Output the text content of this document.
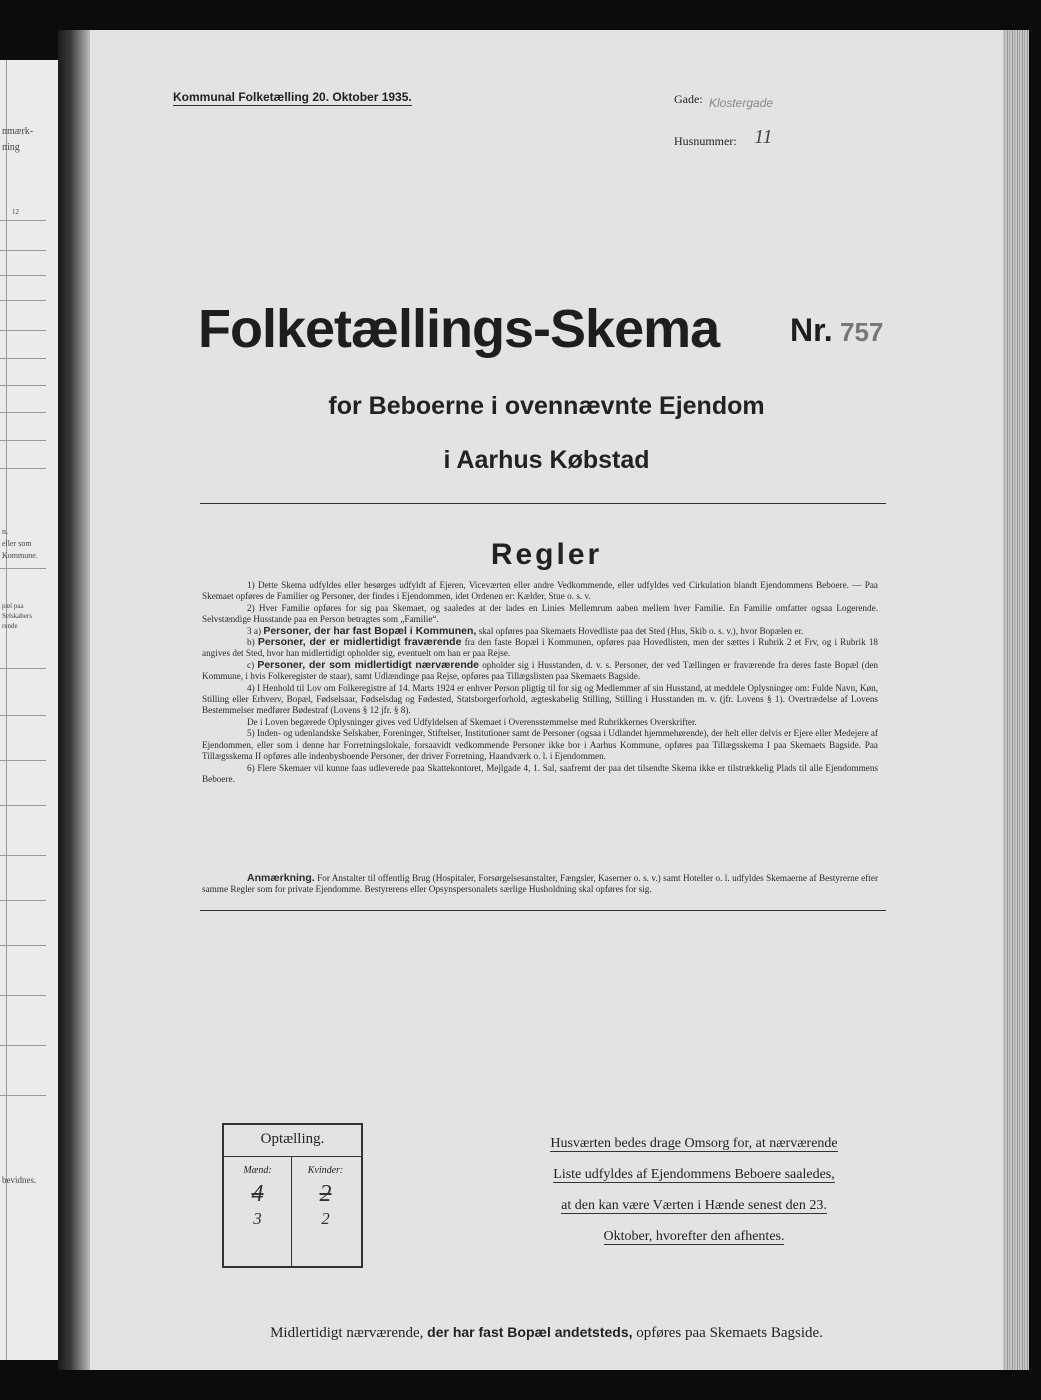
nmærk-
ning
12
n.
eller som
Kommune.
pæl paa
Selskabers
rende
bevidnes.
Kommunal Folketælling 20. Oktober 1935.	Gade: Klostergade
Husnummer: 11
Folketællings-Skema Nr. 757
for Beboerne i ovennævnte Ejendom
i Aarhus Købstad
Regler

1) Dette Skema udfyldes eller besørges udfyldt af Ejeren, Viceværten eller andre Vedkommende, eller udfyldes ved Cirkulation blandt Ejendommens Beboere. — Paa Skemaet opføres de Familier og Personer, der findes i Ejendommen, idet Ordenen er: Kælder, Stue o. s. v.

2) Hver Familie opføres for sig paa Skemaet, og saaledes at der lades en Linies Mellemrum aaben mellem hver Familie. En Familie omfatter ogsaa Logerende. Selvstændige Husstande paa en Person betragtes som „Familie“.

3 a) Personer, der har fast Bopæl i Kommunen, skal opføres paa Skemaets Hovedliste paa det Sted (Hus, Skib o. s. v.), hvor Bopælen er.

b) Personer, der er midlertidigt fraværende fra den faste Bopæl i Kommunen, opføres paa Hovedlisten, men der sættes i Rubrik 2 et Frv, og i Rubrik 18 angives det Sted, hvor han midlertidigt opholder sig, eventuelt om han er paa Rejse.

c) Personer, der som midlertidigt nærværende opholder sig i Husstanden, d. v. s. Personer, der ved Tællingen er fraværende fra deres faste Bopæl (den Kommune, i hvis Folkeregister de staar), samt Udlændinge paa Rejse, opføres paa Tillægslisten paa Skemaets Bagside.

4) I Henhold til Lov om Folkeregistre af 14. Marts 1924 er enhver Person pligtig til for sig og Medlemmer af sin Husstand, at meddele Oplysninger om: Fulde Navn, Køn, Stilling eller Erhverv, Bopæl, Fødselsaar, Fødselsdag og Fødested, Statsborgerforhold, ægteskabelig Stilling, Stilling i Husstanden m. v. (jfr. Lovens § 1). Overtrædelse af Lovens Bestemmelser medfører Bødestraf (Lovens § 12 jfr. § 8).

De i Loven begærede Oplysninger gives ved Udfyldelsen af Skemaet i Overensstemmelse med Rubrikkernes Overskrifter.

5) Inden- og udenlandske Selskaber, Foreninger, Stiftelser, Institutioner samt de Personer (ogsaa i Udlandet hjemmehørende), der helt eller delvis er Ejere eller Medejere af Ejendommen, eller som i denne har Forretningslokale, forsaavidt vedkommende Personer ikke bor i Aarhus Kommune, opføres paa Tillægsskema I paa Skemaets Bagside. Paa Tillægsskema II opføres alle indenbysboende Personer, der driver Forretning, Haandværk o. l. i Ejendommen.

6) Flere Skemaer vil kunne faas udleverede paa Skattekontoret, Mejlgade 4, 1. Sal, saafremt der paa det tilsendte Skema ikke er tilstrækkelig Plads til alle Ejendommens Beboere.

Anmærkning. For Anstalter til offentlig Brug (Hospitaler, Forsørgelsesanstalter, Fængsler, Kaserner o. s. v.) samt Hoteller o. l. udfyldes Skemaerne af Bestyrerne efter samme Regler som for private Ejendomme. Bestyrerens eller Opsynspersonalets særlige Husholdning skal opføres for sig.

Optælling.
Mænd:	Kvinder:
4	2
3	2
Husværten bedes drage Omsorg for, at nærværende
Liste udfyldes af Ejendommens Beboere saaledes,
at den kan være Værten i Hænde senest den 23.
Oktober, hvorefter den afhentes.
Midlertidigt nærværende, der har fast Bopæl andetsteds, opføres paa Skemaets Bagside.
